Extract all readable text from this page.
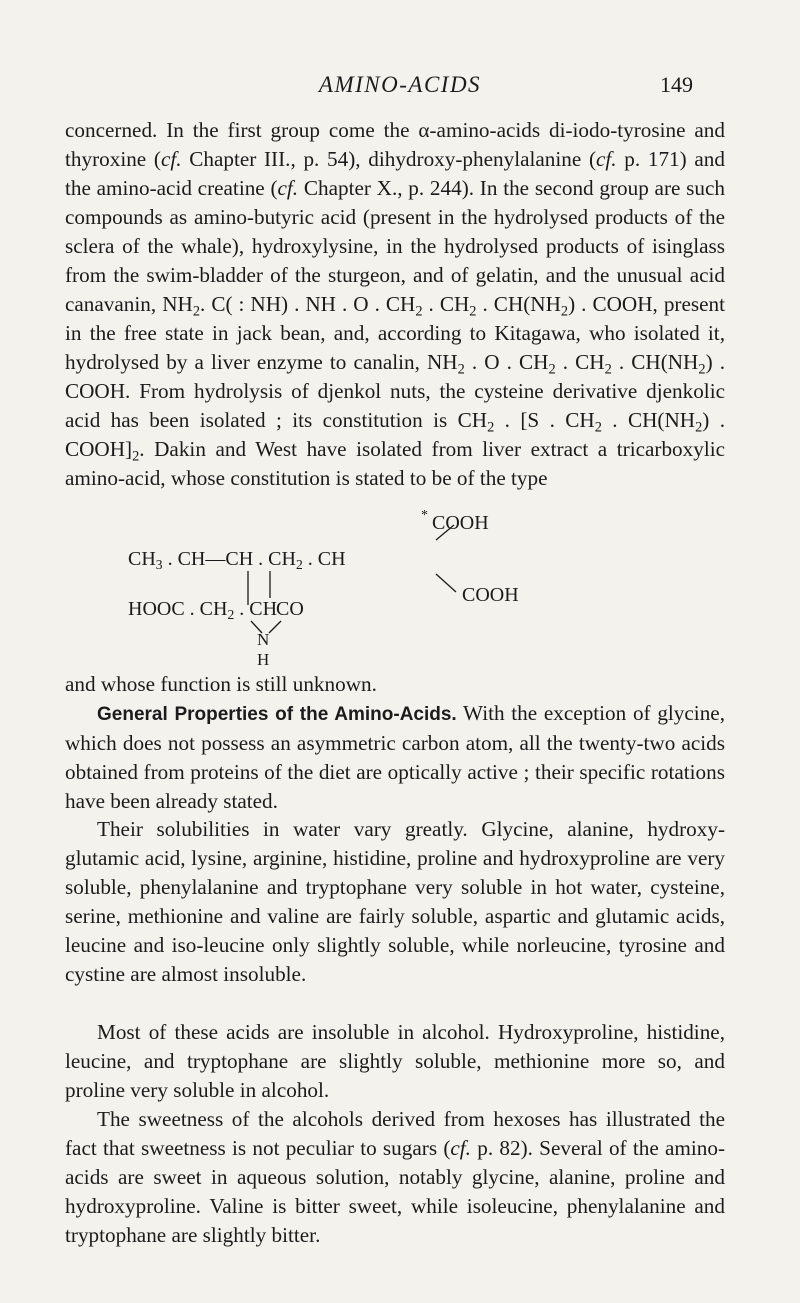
AMINO-ACIDS	149

concerned. In the first group come the α-amino-acids di-iodo-tyrosine and thyroxine (cf. Chapter III., p. 54), dihydroxy-phenylalanine (cf. p. 171) and the amino-acid creatine (cf. Chapter X., p. 244). In the second group are such compounds as amino-butyric acid (present in the hydrolysed products of the sclera of the whale), hydroxylysine, in the hydrolysed products of isinglass from the swim-bladder of the sturgeon, and of gelatin, and the unusual acid canavanin, $NH_2$. C( : NH) . NH . O . $CH_2$ . $CH_2$ . $CH(NH_2)$ . COOH, present in the free state in jack bean, and, according to Kitagawa, who isolated it, hydrolysed by a liver enzyme to canalin, $NH_2$ . O . $CH_2$ . $CH_2$ . $CH(NH_2)$ . COOH. From hydrolysis of djenkol nuts, the cysteine derivative djenkolic acid has been isolated ; its constitution is $CH_2$ . [S . $CH_2$ . $CH(NH_2)$ . $COOH]_2$. Dakin and West have isolated from liver extract a tricarboxylic amino-acid, whose constitution is stated to be of the type

* COOH
$CH_3$ . CH—CH . $CH_2$ . CH
COOH
HOOC . $CH_2$ . CH
CO
N
H

and whose function is still unknown.

General Properties of the Amino-Acids. With the exception of glycine, which does not possess an asymmetric carbon atom, all the twenty-two acids obtained from proteins of the diet are optically active ; their specific rotations have been already stated.

Their solubilities in water vary greatly. Glycine, alanine, hydroxy-glutamic acid, lysine, arginine, histidine, proline and hydroxyproline are very soluble, phenylalanine and tryptophane very soluble in hot water, cysteine, serine, methionine and valine are fairly soluble, aspartic and glutamic acids, leucine and iso-leucine only slightly soluble, while norleucine, tyrosine and cystine are almost insoluble.

Most of these acids are insoluble in alcohol. Hydroxyproline, histidine, leucine, and tryptophane are slightly soluble, methionine more so, and proline very soluble in alcohol.

The sweetness of the alcohols derived from hexoses has illustrated the fact that sweetness is not peculiar to sugars (cf. p. 82). Several of the amino-acids are sweet in aqueous solution, notably glycine, alanine, proline and hydroxyproline. Valine is bitter sweet, while isoleucine, phenylalanine and tryptophane are slightly bitter.
